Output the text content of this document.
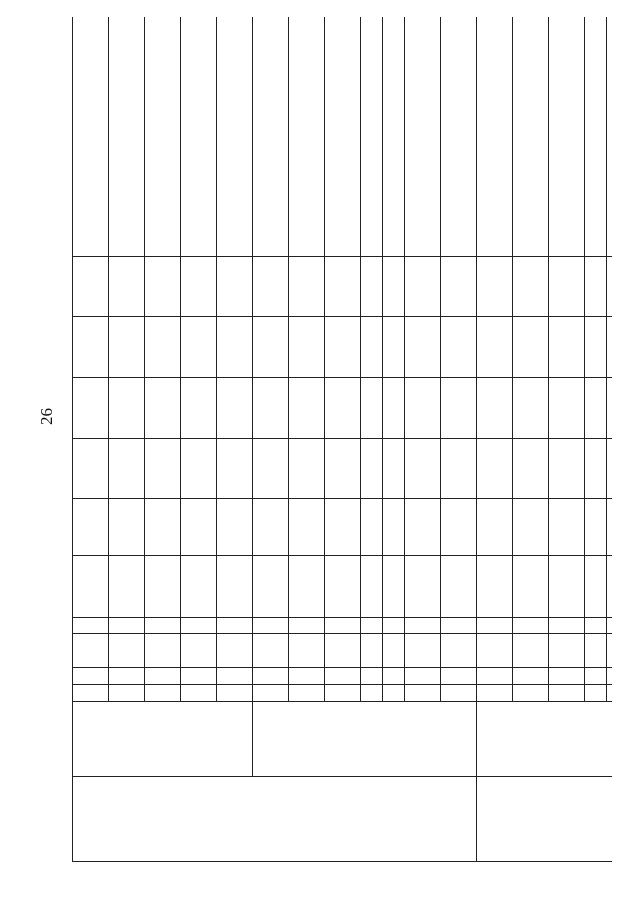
26
